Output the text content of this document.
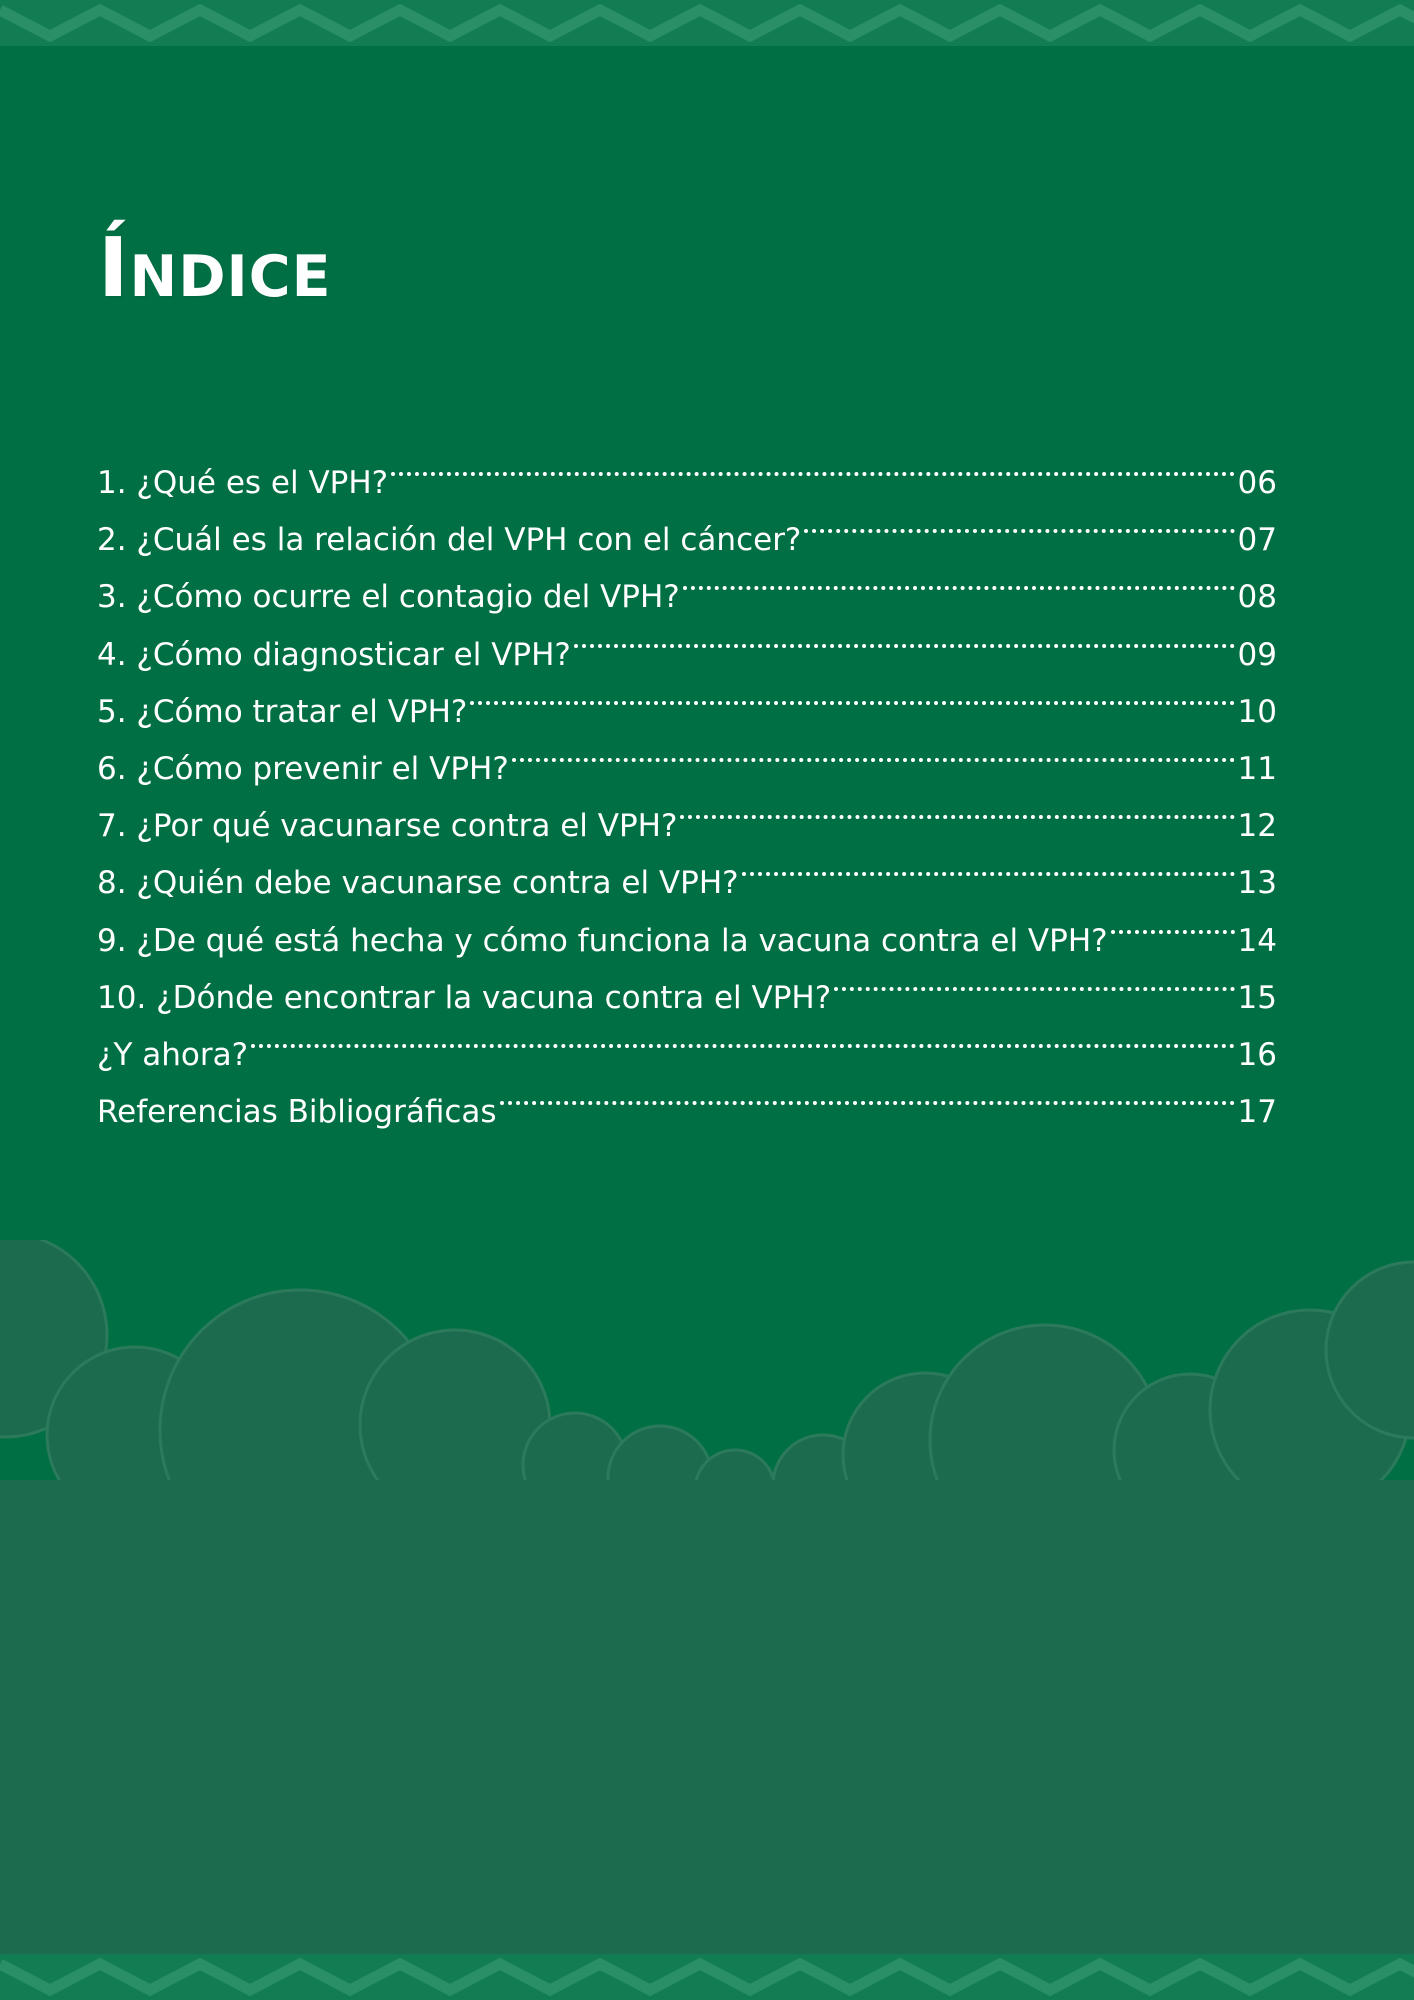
Índice
1. ¿Qué es el VPH?	06
2. ¿Cuál es la relación del VPH con el cáncer?	07
3. ¿Cómo ocurre el contagio del VPH?	08
4. ¿Cómo diagnosticar el VPH?	09
5. ¿Cómo tratar el VPH?	10
6. ¿Cómo prevenir el VPH?	11
7. ¿Por qué vacunarse contra el VPH?	12
8. ¿Quién debe vacunarse contra el VPH?	13
9. ¿De qué está hecha y cómo funciona la vacuna contra el VPH?	14
10. ¿Dónde encontrar la vacuna contra el VPH?	15
¿Y ahora?	16
Referencias Bibliográficas	17
